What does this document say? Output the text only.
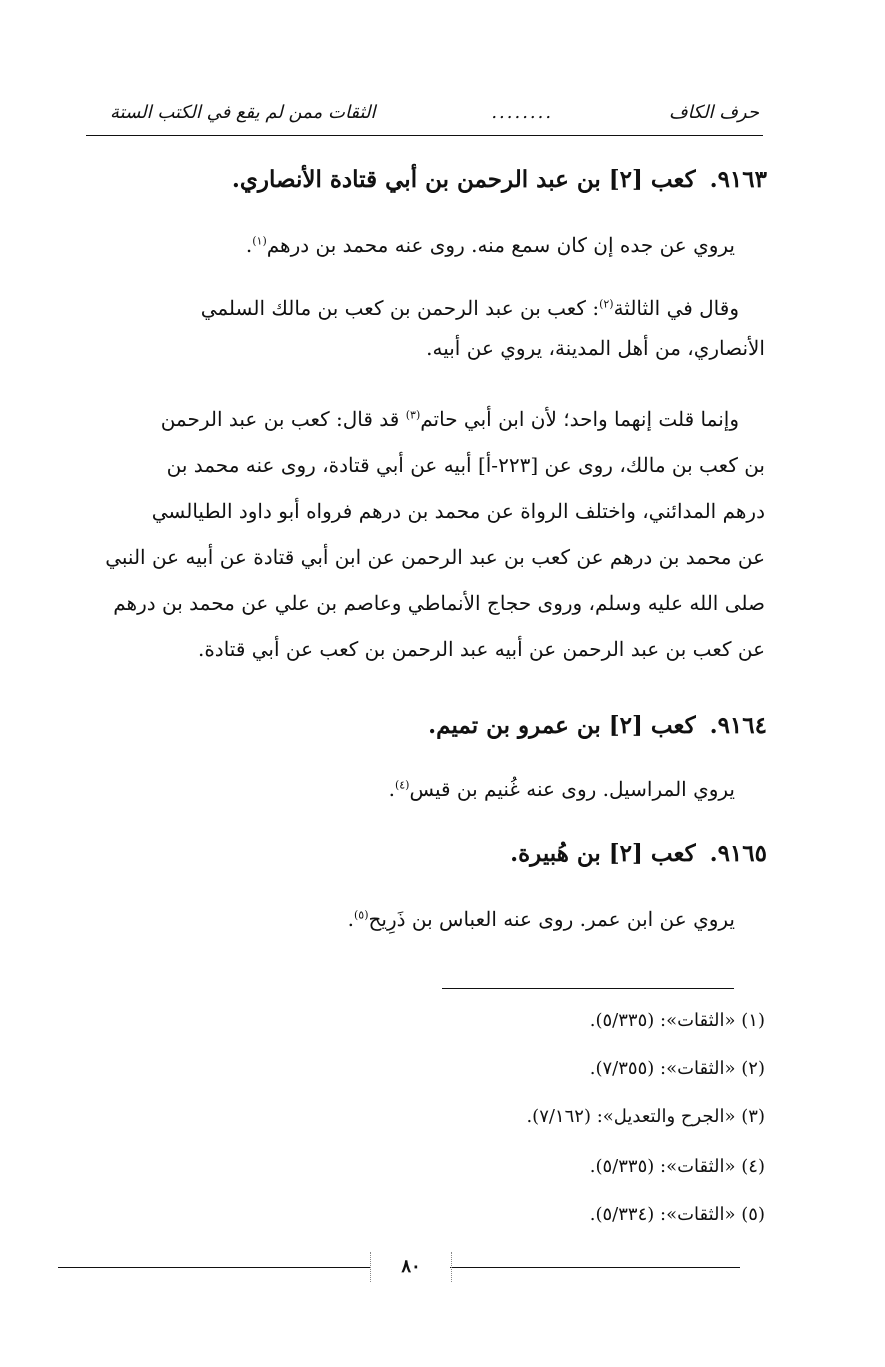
حرف الكاف
........
الثقات ممن لم يقع في الكتب الستة
٩١٦٣.كعب [٢] بن عبد الرحمن بن أبي قتادة الأنصاري.
يروي عن جده إن كان سمع منه. روى عنه محمد بن درهم$^{(١)}$.
وقال في الثالثة$^{(٢)}$: كعب بن عبد الرحمن بن كعب بن مالك السلمي
الأنصاري، من أهل المدينة، يروي عن أبيه.
وإنما قلت إنهما واحد؛ لأن ابن أبي حاتم$^{(٣)}$ قد قال: كعب بن عبد الرحمن
بن كعب بن مالك، روى عن [٢٢٣-أ] أبيه عن أبي قتادة، روى عنه محمد بن
درهم المدائني، واختلف الرواة عن محمد بن درهم فرواه أبو داود الطيالسي
عن محمد بن درهم عن كعب بن عبد الرحمن عن ابن أبي قتادة عن أبيه عن النبي
صلى الله عليه وسلم، وروى حجاج الأنماطي وعاصم بن علي عن محمد بن درهم
عن كعب بن عبد الرحمن عن أبيه عبد الرحمن بن كعب عن أبي قتادة.
٩١٦٤.كعب [٢] بن عمرو بن تميم.
يروي المراسيل. روى عنه غُنيم بن قيس$^{(٤)}$.
٩١٦٥.كعب [٢] بن هُبيرة.
يروي عن ابن عمر. روى عنه العباس بن ذَرِيح$^{(٥)}$.
(١) «الثقات»: (٥/٣٣٥).
(٢) «الثقات»: (٧/٣٥٥).
(٣) «الجرح والتعديل»: (٧/١٦٢).
(٤) «الثقات»: (٥/٣٣٥).
(٥) «الثقات»: (٥/٣٣٤).
٨٠
